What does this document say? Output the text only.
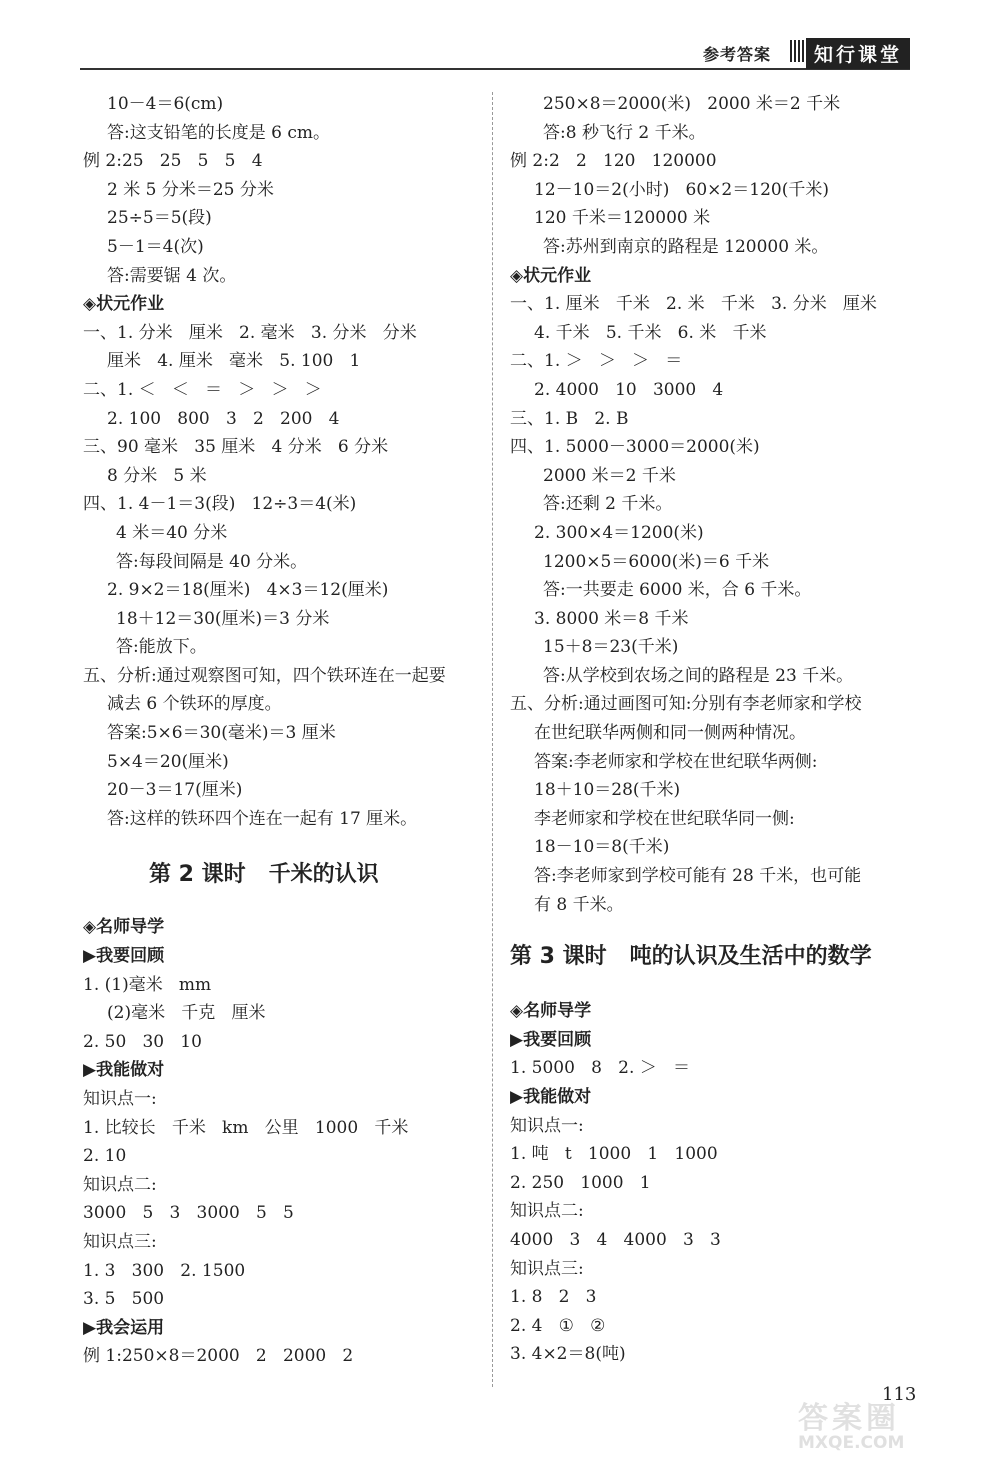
参考答案	知行课堂
10－4＝6(cm)
答:这支铅笔的长度是 6 cm。
例 2:25   25   5   5   4
2 米 5 分米＝25 分米
25÷5＝5(段)
5－1＝4(次)
答:需要锯 4 次。
◈状元作业
一、1. 分米   厘米   2. 毫米   3. 分米   分米
厘米   4. 厘米   毫米   5. 100   1
二、1. ＜   ＜   ＝   ＞   ＞   ＞
2. 100   800   3   2   200   4
三、90 毫米   35 厘米   4 分米   6 分米
8 分米   5 米
四、1. 4－1＝3(段)   12÷3＝4(米)
4 米＝40 分米
答:每段间隔是 40 分米。
2. 9×2＝18(厘米)   4×3＝12(厘米)
18＋12＝30(厘米)＝3 分米
答:能放下。
五、分析:通过观察图可知，四个铁环连在一起要
减去 6 个铁环的厚度。
答案:5×6＝30(毫米)＝3 厘米
5×4＝20(厘米)
20－3＝17(厘米)
答:这样的铁环四个连在一起有 17 厘米。
第 2 课时   千米的认识
◈名师导学
▶我要回顾
1. (1)毫米   mm
(2)毫米   千克   厘米
2. 50   30   10
▶我能做对
知识点一:
1. 比较长   千米   km   公里   1000   千米
2. 10
知识点二:
3000   5   3   3000   5   5
知识点三:
1. 3   300   2. 1500
3. 5   500
▶我会运用
例 1:250×8＝2000   2   2000   2
250×8＝2000(米)   2000 米＝2 千米
答:8 秒飞行 2 千米。
例 2:2   2   120   120000
12－10＝2(小时)   60×2＝120(千米)
120 千米＝120000 米
答:苏州到南京的路程是 120000 米。
◈状元作业
一、1. 厘米   千米   2. 米   千米   3. 分米   厘米
4. 千米   5. 千米   6. 米   千米
二、1. ＞   ＞   ＞   ＝
2. 4000   10   3000   4
三、1. B   2. B
四、1. 5000－3000＝2000(米)
2000 米＝2 千米
答:还剩 2 千米。
2. 300×4＝1200(米)
1200×5＝6000(米)＝6 千米
答:一共要走 6000 米，合 6 千米。
3. 8000 米＝8 千米
15＋8＝23(千米)
答:从学校到农场之间的路程是 23 千米。
五、分析:通过画图可知:分别有李老师家和学校
在世纪联华两侧和同一侧两种情况。
答案:李老师家和学校在世纪联华两侧:
18＋10＝28(千米)
李老师家和学校在世纪联华同一侧:
18－10＝8(千米)
答:李老师家到学校可能有 28 千米，也可能
有 8 千米。
第 3 课时   吨的认识及生活中的数学
◈名师导学
▶我要回顾
1. 5000   8   2. ＞   ＝
▶我能做对
知识点一:
1. 吨   t   1000   1   1000
2. 250   1000   1
知识点二:
4000   3   4   4000   3   3
知识点三:
1. 8   2   3
2. 4   ①   ②
3. 4×2＝8(吨)
113
答案圈
MXQE.COM
